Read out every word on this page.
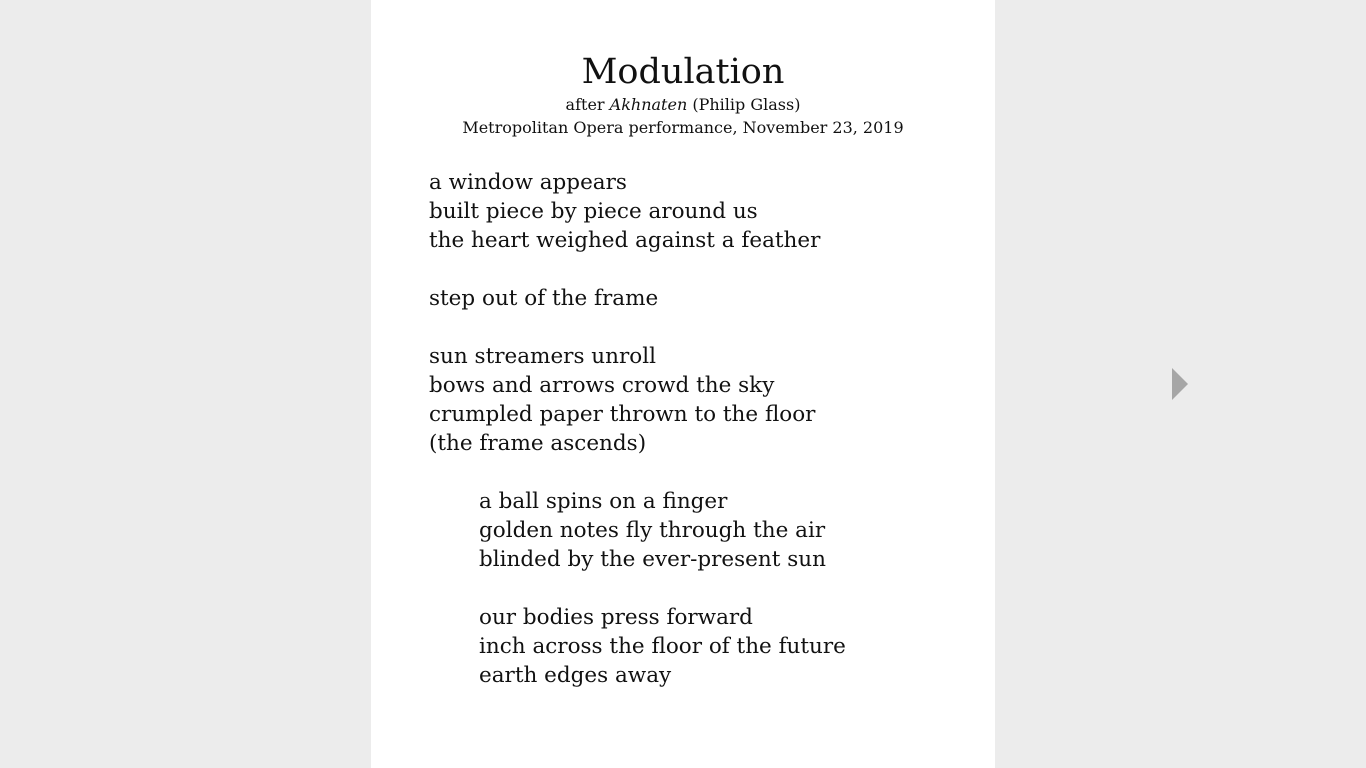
Modulation
after Akhnaten (Philip Glass)
Metropolitan Opera performance, November 23, 2019
a window appears
built piece by piece around us
the heart weighed against a feather
step out of the frame
sun streamers unroll
bows and arrows crowd the sky
crumpled paper thrown to the floor
(the frame ascends)
a ball spins on a finger
golden notes fly through the air
blinded by the ever-present sun
our bodies press forward
inch across the floor of the future
earth edges away
